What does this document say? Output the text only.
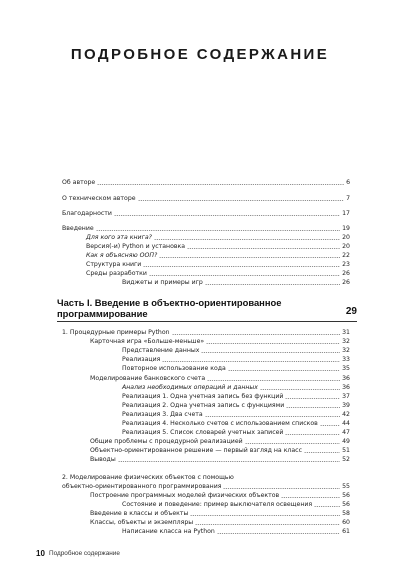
ПОДРОБНОЕ СОДЕРЖАНИЕ
Об авторе	6
О техническом авторе	7
Благодарности	17
Введение	19
Для кого эта книга?	20
Версия(-и) Python и установка	20
Как я объясняю ООП?	22
Структура книги	23
Среды разработки	26
Виджеты и примеры игр	26
Часть I. Введение в объектно-ориентированное
программирование	29
1. Процедурные примеры Python	31
Карточная игра «Больше-меньше»	32
Представление данных	32
Реализация	33
Повторное использование кода	35
Моделирование банковского счета	36
Анализ необходимых операций и данных	36
Реализация 1. Одна учетная запись без функций	37
Реализация 2. Одна учетная запись с функциями	39
Реализация 3. Два счета	42
Реализация 4. Несколько счетов с использованием списков	44
Реализация 5. Список словарей учетных записей	47
Общие проблемы с процедурной реализацией	49
Объектно-ориентированное решение — первый взгляд на класс	51
Выводы	52
2. Моделирование физических объектов с помощью
объектно-ориентированного программирования	55
Построение программных моделей физических объектов	56
Состояние и поведение: пример выключателя освещения	56
Введение в классы и объекты	58
Классы, объекты и экземпляры	60
Написание класса на Python	61
10 Подробное содержание
